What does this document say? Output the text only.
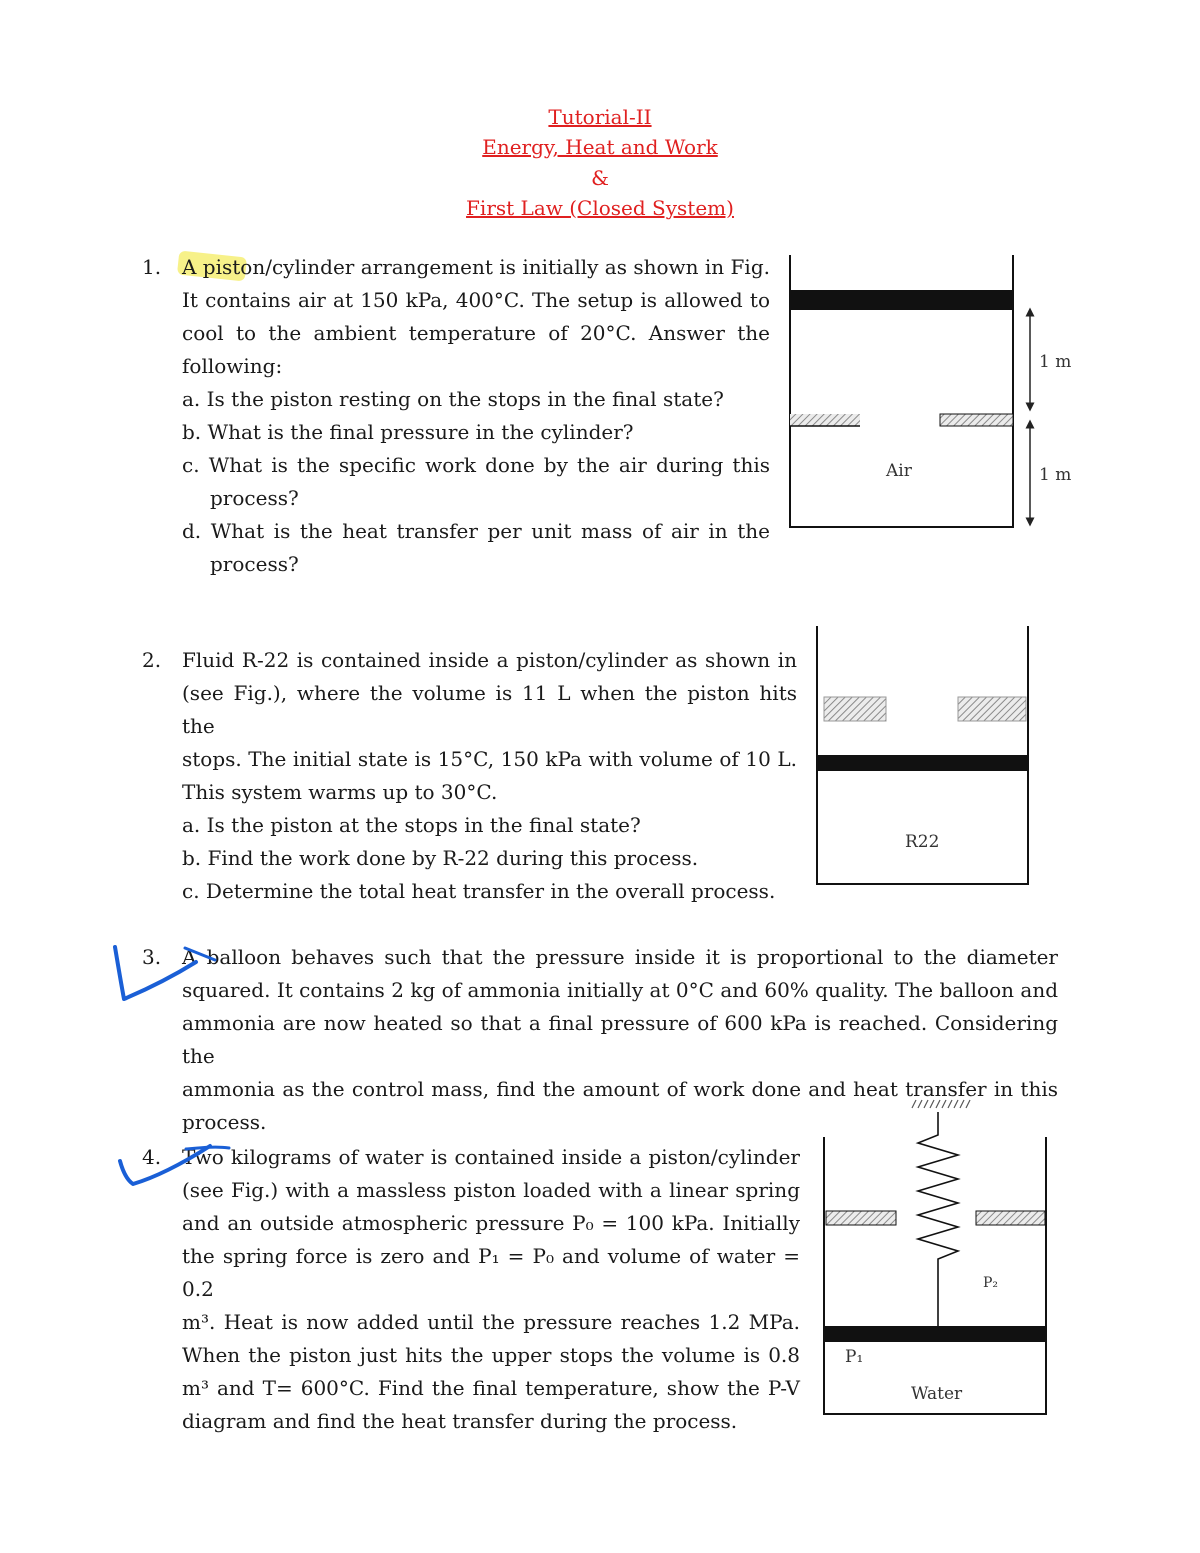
Tutorial-II
Energy, Heat and Work
&
First Law (Closed System)
1. A piston/cylinder arrangement is initially as shown in Fig.
It contains air at 150 kPa, 400°C. The setup is allowed to
cool to the ambient temperature of 20°C. Answer the
following:
a. Is the piston resting on the stops in the final state?
b. What is the final pressure in the cylinder?
c. What is the specific work done by the air during this
process?
d. What is the heat transfer per unit mass of air in the
process?
2. Fluid R-22 is contained inside a piston/cylinder as shown in
(see Fig.), where the volume is 11 L when the piston hits the
stops. The initial state is 15°C, 150 kPa with volume of 10 L.
This system warms up to 30°C.
a. Is the piston at the stops in the final state?
b. Find the work done by R-22 during this process.
c. Determine the total heat transfer in the overall process.
3. A balloon behaves such that the pressure inside it is proportional to the diameter
squared. It contains 2 kg of ammonia initially at 0°C and 60% quality. The balloon and
ammonia are now heated so that a final pressure of 600 kPa is reached. Considering the
ammonia as the control mass, find the amount of work done and heat transfer in this
process.
4. Two kilograms of water is contained inside a piston/cylinder
(see Fig.) with a massless piston loaded with a linear spring
and an outside atmospheric pressure P₀ = 100 kPa. Initially
the spring force is zero and P₁ = P₀ and volume of water = 0.2
m³. Heat is now added until the pressure reaches 1.2 MPa.
When the piston just hits the upper stops the volume is 0.8
m³ and T= 600°C. Find the final temperature, show the P-V
diagram and find the heat transfer during the process.
Air
1 m
1 m
R22
P₁
P₂
Water
